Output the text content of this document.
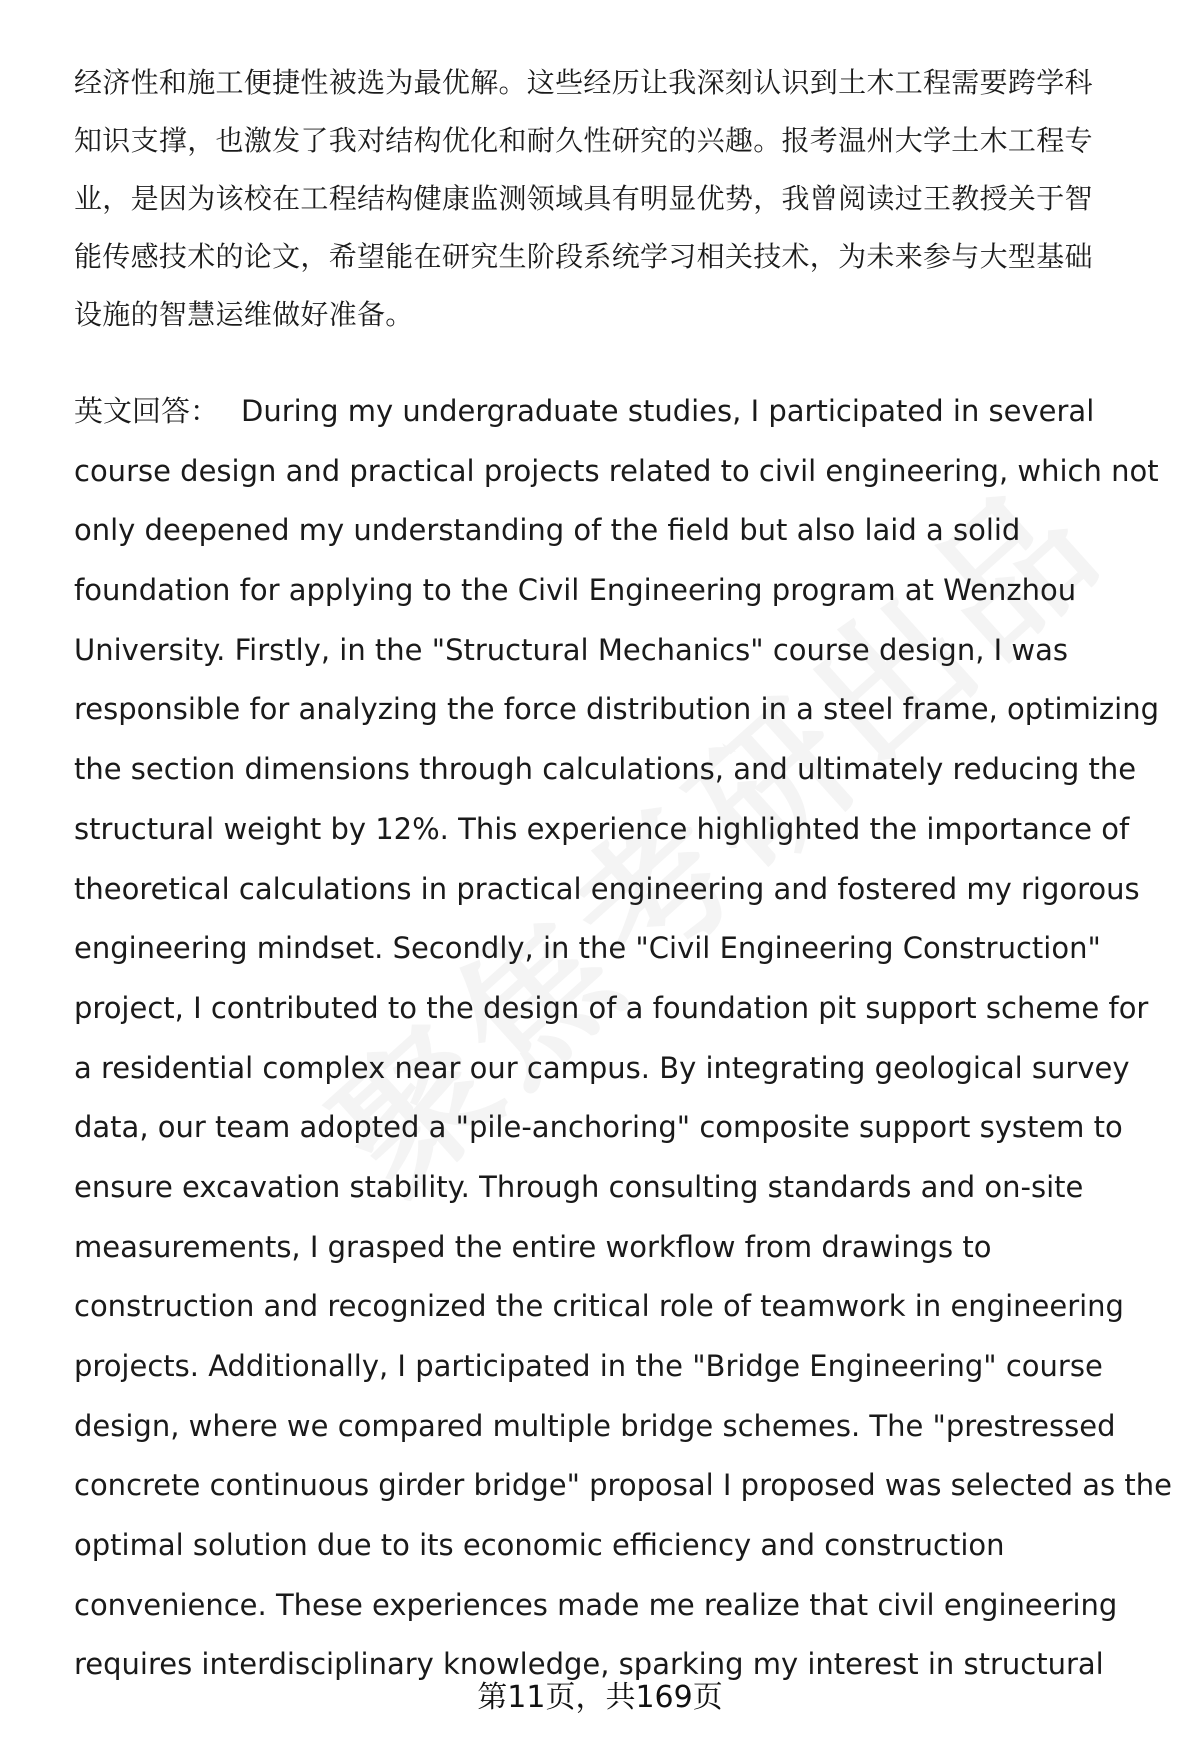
经济性和施工便捷性被选为最优解。这些经历让我深刻认识到土木工程需要跨学科

知识支撑，也激发了我对结构优化和耐久性研究的兴趣。报考温州大学土木工程专

业，是因为该校在工程结构健康监测领域具有明显优势，我曾阅读过王教授关于智

能传感技术的论文，希望能在研究生阶段系统学习相关技术，为未来参与大型基础

设施的智慧运维做好准备。

英文回答： During my undergraduate studies, I participated in several

course design and practical projects related to civil engineering, which not

only deepened my understanding of the field but also laid a solid

foundation for applying to the Civil Engineering program at Wenzhou

University. Firstly, in the "Structural Mechanics" course design, I was

responsible for analyzing the force distribution in a steel frame, optimizing

the section dimensions through calculations, and ultimately reducing the

structural weight by 12%. This experience highlighted the importance of

theoretical calculations in practical engineering and fostered my rigorous

engineering mindset. Secondly, in the "Civil Engineering Construction"

project, I contributed to the design of a foundation pit support scheme for

a residential complex near our campus. By integrating geological survey

data, our team adopted a "pile-anchoring" composite support system to

ensure excavation stability. Through consulting standards and on-site

measurements, I grasped the entire workflow from drawings to

construction and recognized the critical role of teamwork in engineering

projects. Additionally, I participated in the "Bridge Engineering" course

design, where we compared multiple bridge schemes. The "prestressed

concrete continuous girder bridge" proposal I proposed was selected as the

optimal solution due to its economic efficiency and construction

convenience. These experiences made me realize that civil engineering

requires interdisciplinary knowledge, sparking my interest in structural

第11页，共169页
